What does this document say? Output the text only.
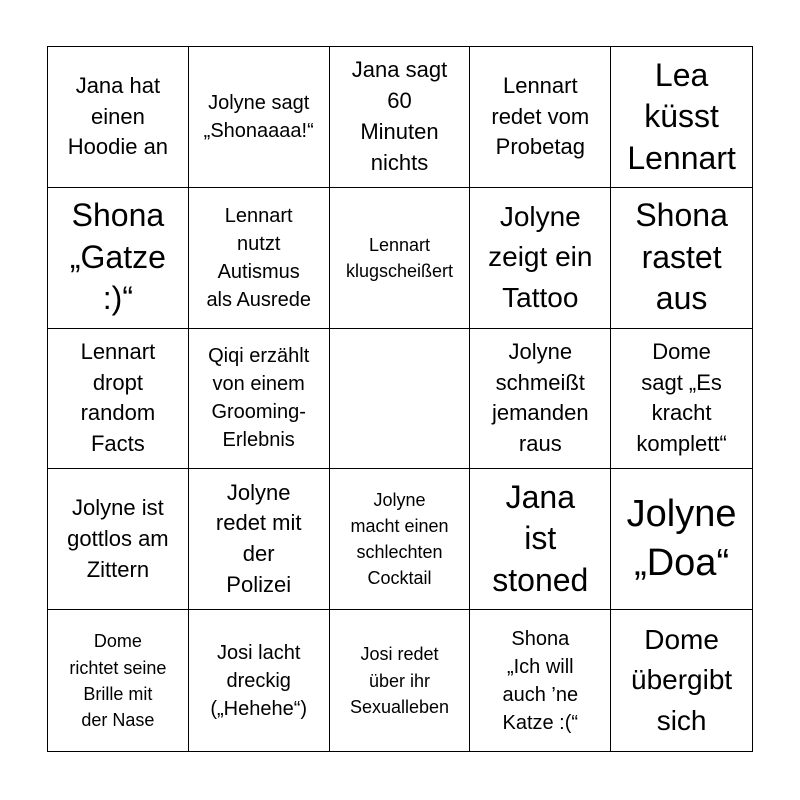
Jana hat
einen
Hoodie an
Jolyne sagt
„Shonaaaa!“
Jana sagt
60
Minuten
nichts
Lennart
redet vom
Probetag
Lea
küsst
Lennart
Shona
„Gatze
:)“
Lennart
nutzt
Autismus
als Ausrede
Lennart
klugscheißert
Jolyne
zeigt ein
Tattoo
Shona
rastet
aus
Lennart
dropt
random
Facts
Qiqi erzählt
von einem
Grooming-
Erlebnis
Jolyne
schmeißt
jemanden
raus
Dome
sagt „Es
kracht
komplett“
Jolyne ist
gottlos am
Zittern
Jolyne
redet mit
der
Polizei
Jolyne
macht einen
schlechten
Cocktail
Jana
ist
stoned
Jolyne
„Doa“
Dome
richtet seine
Brille mit
der Nase
Josi lacht
dreckig
(„Hehehe“)
Josi redet
über ihr
Sexualleben
Shona
„Ich will
auch ’ne
Katze :(“
Dome
übergibt
sich
